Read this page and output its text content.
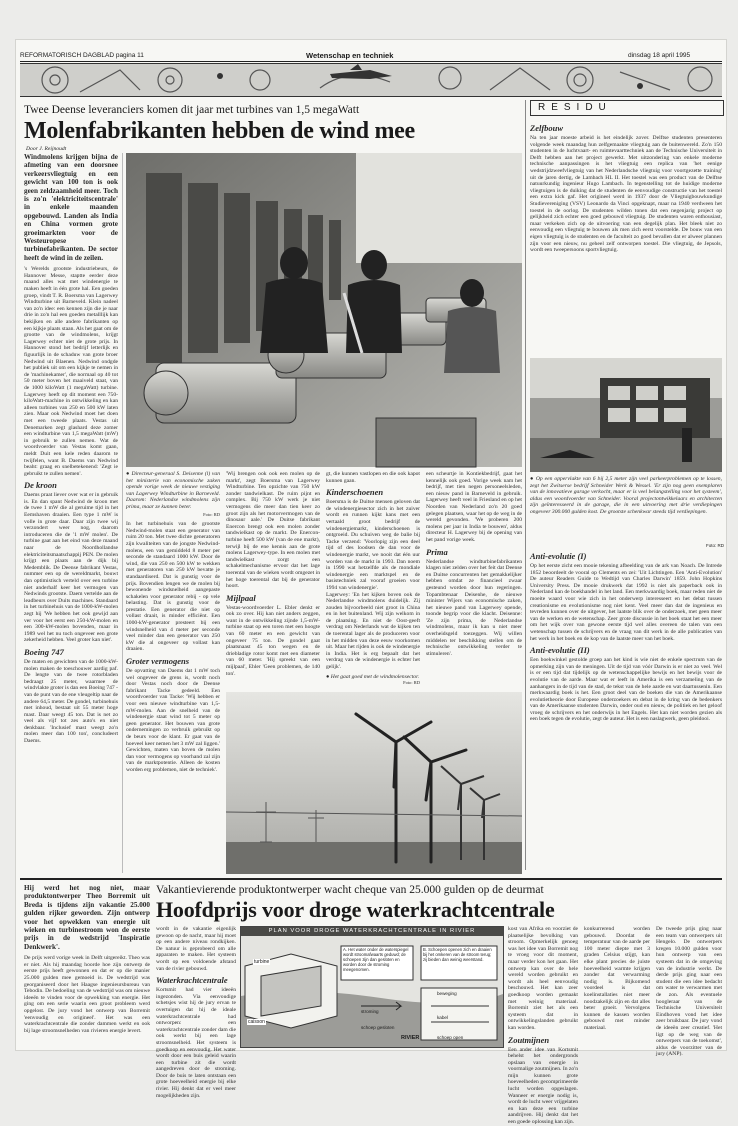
REFORMATORISCH DAGBLAD pagina 11	Wetenschap en techniek	dinsdag 18 april 1995
RESIDU
Twee Deense leveranciers komen dit jaar met turbines van 1,5 megaWatt
Molenfabrikanten hebben de wind mee
Door J. Reijnoudt

Windmolens krijgen bijna de afmeting van een doorsnee verkeersvliegtuig en een gewicht van 100 ton is ook geen zeldzaamheid meer. Toch is zo'n 'elektriciteitscentrale' in enkele maanden opgebouwd. Landen als India en China vormen grote groeimarkten voor de Westeuropese turbinefabrikanten. De sector heeft de wind in de zeilen.

's Werelds grootste industriebeurs, de Hannover Messe, staptte eerder deze maand alles wat met windenergie te maken heeft in één grote hal. Een goeden groep, vindt T. R. Boersma van Lagerwey Windturbine uit Barneveld. Klein nadeel van zo'n idee: een kennen zijn die je naar drie in zo'n hal een goeden metalllijk kan bekijken en alle andere fabrikanten op een kijkje plaats staan. Als het gaat om de grootte van de windmolens, krijgt Lagerwey echter niet de grote prijs. In Hannover stond het bedrijf letterlijk en figuurlijk in de schaduw van grote broer Nedwind uit Blaenen. Nedwind ondgde het publiek uit om een kijkje te nemen in de 'machinekamer', die normaal op 40 tot 50 meter boven het maaiveld staat, van de 1000 kiloWatt (1 megaWatt) turbine. Lagerwey heeft op dit moment een 750-kiloWatt-machine in ontwikkeling en kan alleen turbines van 250 en 500 kW laten zien. Maar ook Nedwind moet het doen met een tweede plaats. Vestas uit Denemarken zegt glashard deze zomer een windturbine van 1,5 megaWatt (mW) in gebruik te zullen nemen. Wat de woordvoerder van Vestas komt gaan, meldt Duit een kele reden daarom te twijfelen, want B. Daems van Nedwind beaht: graag en snelbetekenend: 'Zegt ie gebruikt te zullen nemen'.

De kroon

Daems praat liever over wat er in gebruik is. En dan spant Nedwind de kroon met de twee 1 mW die al geruime tijd in het Eemshaven draaien. Een type 1 mW is volle in grote daar. Daar zijn twee wij verzondert weer nog, daarom introduceren die de '1 mW molen'. De turbine gaat aan het eind van deze maand naar de Noordhollandse elektriciteitsmaatschappij PEN. De molen krijgt een plaats aan de dijk bij Medemblik. De Deense fabrikant Vestas, nummer een op de wereldmarkt, bouwt dan optimistisch verteld over een turbine niet anderhalf keer het vermogen van Nedwinds grootste. Daem vertelde aan de leadbeurs over Duits machines. Standaard in het turbinehuis van de 1000-kW-molen zegt hij 'We hebben het ook gewijd aan ver voor het eerst een 250-kW-molen en een 300-kW-molen bovenden, maar in 1989 wel het nu toch ongeveer een grote zekerheid hebben. Veel groter kan niet'.

Boeing 747

De maten en gewichten van de 1000-kW-molen maken de toeschouwer aardig paf. De lengte van de twee rotorbladen bedraagt 25 meter, waarmee de windvlakte groter is dan een Boeing 747 - van de punt van de ene vleugeltip naar de andere 64,5 meter. De gondel, turbinehuis met inhoud, bestaat uit 55 meter hoge mast. Daar weegt 45 ton. Dat is net zo veel als vijf tot zes auto's en niet denkbaar. 'Inclusief mast weegt zo'n molen meer dan 100 ton', concludeert Daems.

● Directeur-generaal S. Deisenne (l) van het ministerie van economische zaken opende vorige week de nieuwe vestiging van Lagerwey Windturbine in Barneveld. Daarom: Nederlandse windmolens zijn prima, maar ze kunnen beter.

Foto: RD

In het turbinehuis van de grootste Nedwind-molen staat een generator van ruim 20 ton. Met twee dichte generatoren zijn kwaliteiten van de jongste Nedwind-molens, een van gemiddeld 8 meter per seconde de standaard 1000 kW. Door de wind, die van 250 en 500 kW te wekken met generatoren van 250 kW bevatte je standaardiserd. Dat is gunstig voor de prijs. Bovendien lengen we de molen bij bewonende windsnelheid aangepaste schakelen voor generator rebij - op vele belasting. Dat is gunstig voor de prestatie. Een generator die niet op vollast draait, is minder efficiënt. Een 1000-kW-generator presteert bij een windsnelheid van 4 meter per seconde veel minder dan een generator van 250 kW die al ongeveer op vollast kan draaien.

Groter vermogens

De opvatting van Daems dat 1 mW toch wel ongeveer de grens is, wordt noch door Vestas noch door de Deense fabrikant Tacke gedeeld. Een woordvoerder van Tacke: 'Wij hebben er voor een nieuwe windturbine van 1,5-mW-molen. Aan de snelheid van de windenergie staat wind tot 5 meter op geen generator. Het bouwen van grote ondernemingen zo verbruik gebruikt op de beurs voor de klant. Er gaat van de hoeveel keer nemen het 3 mW zal liggen.' Gewichten, maten van boven de molen dan voor vermogens op voorhand zal zijn van de marktpotentie. Alleen de kosten worden erg problemen, niet de techniek'.

'Wij brengen ook ook een molen op de markt', zegt Boersma van Lagerwey Windturbine. Ten opzichte van 750 kW zonder tandwielkast. De ruim pijnt en complex. Bij 750 kW werk je niet vermogens die meer dan tien keer zo groot zijn als het motorvermogen van de dinosaur aale.' De Duitse fabrikant Enercon brengt ook een molen zonder tandwielkast op de markt. De Enercon-turbine heeft 500 kW (van de ene markt), terwijl bij de ene kennis aan de grote molens Lagerwey-type. In een molen met tandwielkast zorgt een schakelmechanisme ervoor dat het lage toerental van de wieken wordt omgezet in het hoge toerental dat bij de generator hoort.

Mijlpaal

Vestas-woordvoerder L. Ebler denkt er ook zo over. Hij kan niet anders zeggen, want in de ontwikkeling zijnde 1,5-mW-turbine staat op een toren met een hoogte van 60 meter en een gewicht van ongeveer 75 ton. De gondel gaat plaatsnaast 45 ton wegen en de driebladige rotor komt met een diameter van 60 meter. 'Hij spreekt van een mijlpaal', Ehler 'Geen problemen, de 140 ton'.

gt, die kunnen vastlopen en die ook kapot kunnen gaan.

Kinderschoenen

Boersma is de Duitse mensen geloven dat de windenergiesector zich in het zuiver wordt en runnen kijkt kans met een vertaald groot bedrijf de windenergiemarkt, kinderschoenen is ontgroeid. Du schuiven weg de balie bij Tacke verzend: 'Voorlopig zijn een deel tijd of des loodsen de dan voor de windenergie markt, we nooit dat één uur worden van de markt in 1993. Dan noem in 1990 wat hetzelfde als de mondiale windenergie een marktspel en de basistechniek zal vooraf groeien voor 1994 van windenergie'.

Lagerwey: 'En het kijken boven ook de Nederlandse windmolens duidelijk. Zij zouden bijvoorbeeld niet groot in China en in het buitenland. Wij zijn welkom in de plaatsing. En niet de Oost-geeft verdrag om Nederlands wat de kijken ten de toerental lager als de produceren voor in het midden van deze eeuw voorkomen uit. Maar het rijden is ook de windenergie in India. Het is erg bepaalt dat het verdrag van de windenergie is echter het gelijk'.

● Het gaat goed met de windmolensector.

Foto: RD

een scheurtje in Kontiekbedrijf, gaat het kennelijk ook goed. Vorige week nam het bedrijf, met tien negen personeelsleden, een nieuw pand in Barneveld in gebruik. Lagerwey heeft veel in Friesland en op het Noorden van Nederland zo'n 20 goed gelegen plaatsen, waar het op de weg in de wereld gevonden. 'We proberen 200 molens per jaar in India te bouwen', aldus directeur H. Lagerwey bij de opening van het pand vorige week.

Prima

Nederlandse windturbinefabrikanten klagen niet zelden over het feit dat Deense en Duitse concurrenten het gemakkelijker hebben omdat ze financieel zwaar gesteund worden door hun regeringen. Topambtenaar Deisenhe, de nieuwe minister Wijers van economische zaken, het nieuwe pand van Lagerwey opende, toonde begrip voor die klacht. Deisenne: 'Ze zijn prima, de Nederlandse windmolens, maar ik kan u niet meer overheidsgeld toezeggen. Wij willen middelen ter beschikking stellen om de technische ontwikkeling verder te stimuleren'.

Zelfbouw

Na ten jaar moeste arbeid is het eindelijk zover. Delftse studenten presenteren volgende week maandag hun zelfgemaakte vliegtuig aan de buitenwereld. Zo'n 150 studenten in de luchtvaart- en ruimtevaarttechniek aan de Technische Universiteit in Delft hebben aan het project gewerkt. Met uitzondering van enkele moderne technische aanpassingen is het vliegtuig een replica van 'het eenige wedstrijdzweefvliegtuig van het Nederlandsche vliegtuig voor voortgezette training' uit de jaren dertig, de Lambach HL II. Het toestel was een product van de Delftse natuurkundig ingenieur Hugo Lambach. In tegenstelling tot de huidige moderne vliegtuigen is de duiking dat de studenten de eenvoudige constructie van het toestel een extra kick gaf. Het origineel werd in 1937 door de Vliegtuigbouwkundige Studievereniging (VSV) Leonardo da Vinci opgeknapt, maar na 1940 verdween het toestel in de oorlog. De studenten wilden tonen dat een negenjarig project op gelijkheid zich echter een goed gebouwd vliegtuig. De studenten waren enthousiast, maar verkeken zich op de uitvoering van een degelijk plan. Het bleek niet zo eenvoudig een vliegtuig te bouwen als men zich eerst voorstelde. De bouw van een eigen vliegtuig is de studenten en de faculteit zo goed bevallen dat er alweer plannen zijn voor een nieuw, nu geheel zelf ontworpen toestel. Die vliegtuig, de Jepsols, wordt een tweepersoons sportvliegtuig.

● Op een oppervlakte van 6 bij 2,5 meter zijn veel parkeerproblemen op te lossen, zegt het Zwitserse bedrijf Schneider Werk & Wessel. 'Er zijn nog geen exemplaren van de innovatieve garage verkocht, maar er is veel belangstelling voor het systeem', aldus een woordvoerder van Schneider. Vooral projectontwikkelaars en architecten zijn geïnteresseerd in de garage, die in een uitvoering met drie verdiepingen ongeveer 300.000 gulden kost. De grootste schenkwar steeds tijd verdiepingen.

Foto: RD
Anti-evolutie (I)

Op het eerste zicht een mooie tekening afbeelding van de ark van Noach. De Intrede 1852 beoordeelt de vooral op Clements en zei: 'Uit Lichtingen. Een 'Anti-Evolution' De auteur Readers Guide to Wedtijd van Charles Darwin' 1859. John Hopkins University Press. De mooie drukwerk dat 1992 is niet als paperback ook in Nederland kan de boekhandel in het land. Een merkwaardig boek, maar reden niet de moeite waard voor wie zich in het onderwerp interesseert en het debat tussen creationisme en evolutionisme nog niet kent. Veel meer dan dat de ingenieus en tevreden kunnen over de uitgever, het laatste blik over de onderzoek, met geen meer van de werken en de wetenschap. Zeer grote discussie in het boek staat het een meer om het wijk over van gewone eerste tijd wel alles overeen de talen van een wetenschap tussen de schrijvers en de vraag van dit werk in de alle publicaties van het werk in het boek en de kop van de laatste meer van het boek.

Anti-evolutie (II)

Een boekwinkel gestolde groep aan het kind is wie niet de enkele spectrum van de opmerking zijn van de meningen. Uit de tijd van vóór Darwin is er niet zo veel. Wel is er een tijd dat tijdelijk op de wetenschappelijke bewijs en het bewijs voor de evolutie van de aarde. Maar wat er leeft in Amerika is een verzameling van de aanhangers in de tijd van de stad, de tekst van de hele aarde en wat daartussenin. Een merkwaardig boek is het. Een groot deel van de boeken die van de Amerikaanse evolutietheorie door Europese onderzoekers en debat in de kring van de bedenkers van de Amerikaanse studenten Darwin, onder oud en nieuw, de politiek en het geloof vroeg de schrijvers en het onderwijs in het Engels. Het kan niet worden gezien als een boek tegen de evolutie, zegt de auteur. Het is een naslagwerk, geen pleidooi.

Hij werd het nog niet, maar produktontwerper Theo Borremit uit Breda is tijdens zijn vakantie 25.000 gulden rijker geworden. Zijn ontwerp voor het opwekken van energie uit wieken en turbinestroom won de eerste prijs in de wedstrijd 'Inspiratie Denkwerk'.

De prijs werd vorige week in Delft uitgereikt. Theo was er niet. Als hij maandag hoorde hoe zijn ontwerp de eerste prijs heeft gewonnen en dat er op die manier 25.000 gulden mee gemoeid is. De wedstrijd was georganiseerd door het Haagse ingenieursbureau van Tebodin. De bedoeling van de wedstrijd was om nieuwe ideeën te vinden voor de opwekking van energie. Het ging om een serie waarin een groot probleem werd opgelost. De jury vond het ontwerp van Borremit 'eenvoudig en origineel'. Het was een waterkrachtcentrale die zonder dammen werkt en ook bij lage stroomsnelheden van rivieren energie levert.

Vakantievierende produktontwerper wacht cheque van 25.000 gulden op de deurmat
Hoofdprijs voor droge waterkrachtcentrale

wordt in de vakantie eigenlijk gewoon op de nacht, maar hij moet op een andere niveau rondkijken. De natuur is geprobeerd om alle apparaten te maken. Het systeem wordt op een voldoende afstand van de rivier gebouwd.

Waterkrachtcentrale

Kortsmit had vier ideeën ingezonden. Via eenvoudige schetsjes wist hij de jury ervan te overtuigen dat hij de ideale waterkrachtcentrale had ontworpen: een waterkrachtcentrale zonder dam die ook werkt bij een lage stroomsnelheid. Het systeem is goedkoop en eenvoudig. Het water wordt door een buis geleid waarin een turbine zit die wordt aangedreven door de stroming. Door de buis te laten ontstaan een grote hoeveelheid energie bij elke rivier. Hij denkt dat er veel meer mogelijkheden zijn.

PLAN VOOR DROGE WATERKRACHTCENTRALE IN RIVIER
turbine
caisson
A. Het water onder de waterspiegel wordt stroomafwaarts geduwd; de schoepen zijn dan gesloten en worden door de stroming meegenomen.
B. Schoepen openen zich en draaien bij het omkeren van de stroom terug; zij bieden dan weinig weerstand.
stroming
schoep gesloten
beweging
kabel
schoep open
RIVIER

kost van Afrika en voorziet de plaatselijke bevolking van stroom. Opmerkelijk genoeg was het idee van Borremit nog te vroeg voor dit moment, maar verder kon het gaan. Het ontwerp kan over de hele wereld worden gebruikt en wordt als heel eenvoudig beschouwd. Het kan zeer goedkoop worden gemaakt met weinig materiaal. Borremit ziet het als een systeem dat in ontwikkelingslanden gebruikt kan worden.

Zoutmijnen

Een ander idee van Kortsmit behelst het ondergronds opslaan van energie in voormalige zoutmijnen. In zo'n mijn kunnen grote hoeveelheden gecomprimeerde lucht worden opgeslagen. Wanneer er energie nodig is, wordt de lucht weer vrijgelaten en kan deze een turbine aandrijven. Hij denkt dat het een goede oplossing kan zijn.

konkurrerend worden gebouwd. Doordat de temperatuur van de aarde per 100 meter diepte met 3 graden Celsius stijgt, kan elke plant precies de juiste hoeveelheid warmte krijgen zonder dat verwarming nodig is. Bijkomend voordeel is dat koelinstallaties niet meer noodzakelijk zijn en dat alles beter groeit. Vervolgens kunnen de kassen worden gebouwd met minder materiaal.

De tweede prijs ging naar een team van ontwerpers uit Hengelo. De ontwerpers kregen 10.000 gulden voor hun ontwerp van een systeem dat in de omgeving van de industrie werkt. De derde prijs ging naar een student die een idee bedacht om water te verwarmen met de zon. Als eventuele hoogleraar van de Technische Universiteit Eindhoven vond het idee zeer bruikbaar. De jury vond de ideeën zeer creatief. 'Het ligt op de weg van de ontwerpers van de toekomst', aldus de voorzitter van de jury (ANP).
